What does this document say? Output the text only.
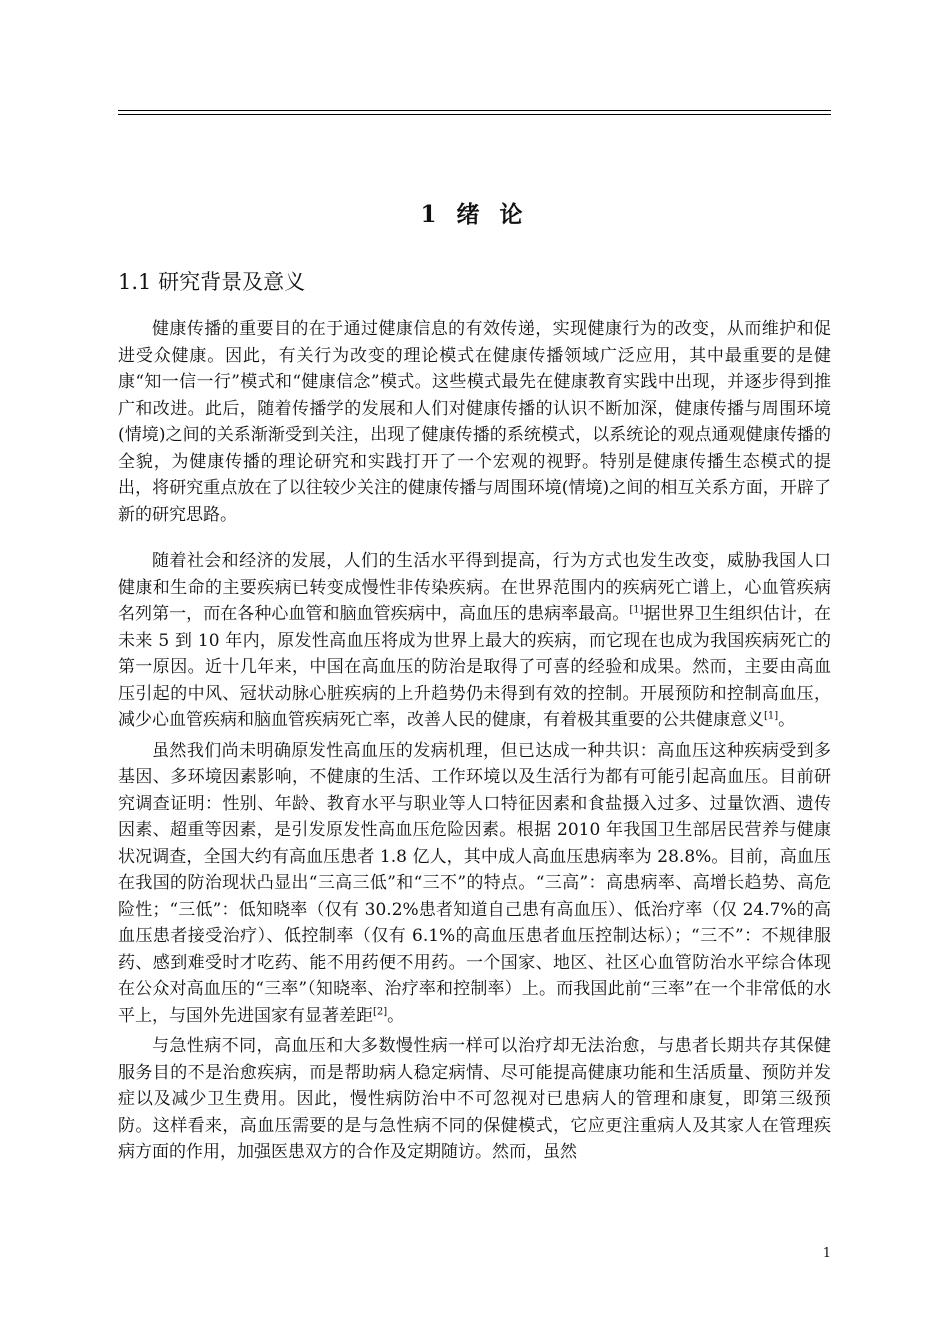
1 绪 论
1.1 研究背景及意义

健康传播的重要目的在于通过健康信息的有效传递，实现健康行为的改变，从而维护和促进受众健康。因此，有关行为改变的理论模式在健康传播领域广泛应用，其中最重要的是健康“知一信一行”模式和“健康信念”模式。这些模式最先在健康教育实践中出现，并逐步得到推广和改进。此后，随着传播学的发展和人们对健康传播的认识不断加深，健康传播与周围环境(情境)之间的关系渐渐受到关注，出现了健康传播的系统模式，以系统论的观点通观健康传播的全貌，为健康传播的理论研究和实践打开了一个宏观的视野。特别是健康传播生态模式的提出，将研究重点放在了以往较少关注的健康传播与周围环境(情境)之间的相互关系方面，开辟了新的研究思路。

随着社会和经济的发展，人们的生活水平得到提高，行为方式也发生改变，威胁我国人口健康和生命的主要疾病已转变成慢性非传染疾病。在世界范围内的疾病死亡谱上，心血管疾病名列第一，而在各种心血管和脑血管疾病中，高血压的患病率最高。[1]据世界卫生组织估计，在未来 5 到 10 年内，原发性高血压将成为世界上最大的疾病，而它现在也成为我国疾病死亡的第一原因。近十几年来，中国在高血压的防治是取得了可喜的经验和成果。然而，主要由高血压引起的中风、冠状动脉心脏疾病的上升趋势仍未得到有效的控制。开展预防和控制高血压，减少心血管疾病和脑血管疾病死亡率，改善人民的健康，有着极其重要的公共健康意义[1]。

虽然我们尚未明确原发性高血压的发病机理，但已达成一种共识：高血压这种疾病受到多基因、多环境因素影响，不健康的生活、工作环境以及生活行为都有可能引起高血压。目前研究调查证明：性别、年龄、教育水平与职业等人口特征因素和食盐摄入过多、过量饮酒、遗传因素、超重等因素，是引发原发性高血压危险因素。根据 2010 年我国卫生部居民营养与健康状况调查，全国大约有高血压患者 1.8 亿人，其中成人高血压患病率为 28.8%。目前，高血压在我国的防治现状凸显出“三高三低”和“三不”的特点。“三高”：高患病率、高增长趋势、高危险性；“三低”：低知晓率（仅有 30.2%患者知道自己患有高血压）、低治疗率（仅 24.7%的高血压患者接受治疗）、低控制率（仅有 6.1%的高血压患者血压控制达标）；“三不”：不规律服药、感到难受时才吃药、能不用药便不用药。一个国家、地区、社区心血管防治水平综合体现在公众对高血压的“三率”（知晓率、治疗率和控制率）上。而我国此前“三率”在一个非常低的水平上，与国外先进国家有显著差距[2]。

与急性病不同，高血压和大多数慢性病一样可以治疗却无法治愈，与患者长期共存其保健服务目的不是治愈疾病，而是帮助病人稳定病情、尽可能提高健康功能和生活质量、预防并发症以及减少卫生费用。因此，慢性病防治中不可忽视对已患病人的管理和康复，即第三级预防。这样看来，高血压需要的是与急性病不同的保健模式，它应更注重病人及其家人在管理疾病方面的作用，加强医患双方的合作及定期随访。然而，虽然

1
